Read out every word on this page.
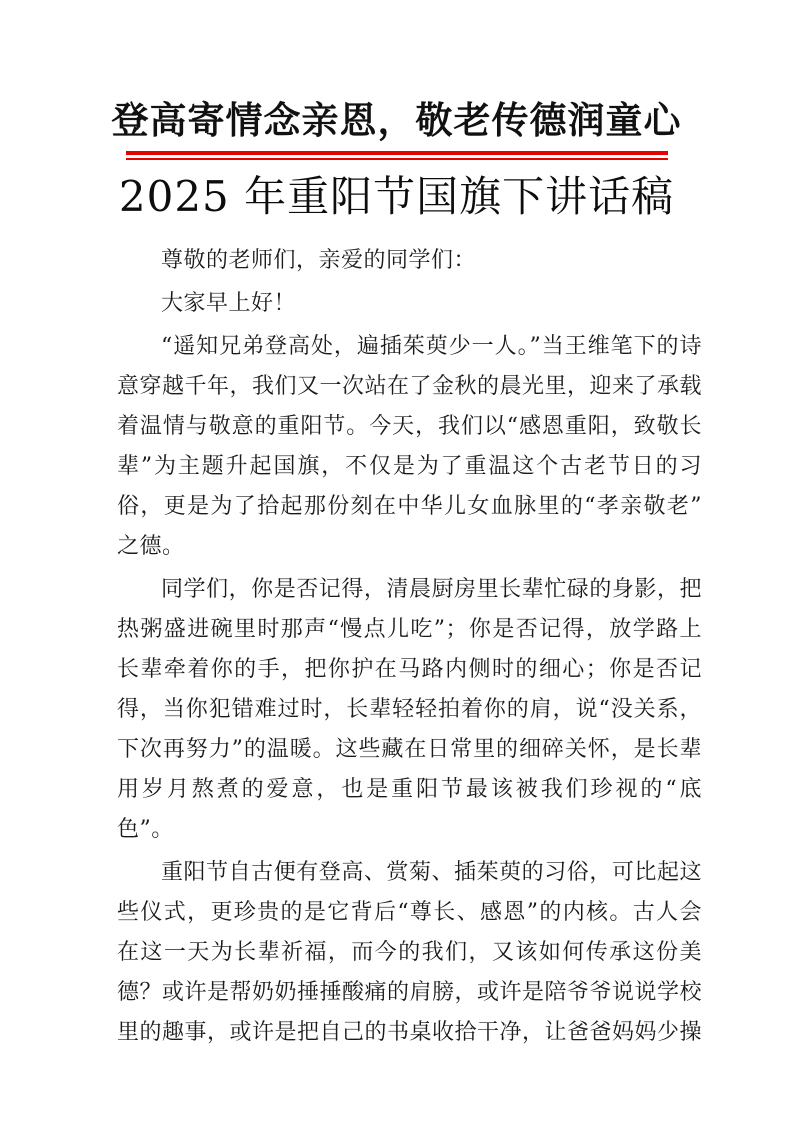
登高寄情念亲恩，敬老传德润童心
2025 年重阳节国旗下讲话稿

尊敬的老师们，亲爱的同学们：

大家早上好！

“遥知兄弟登高处，遍插茱萸少一人。”当王维笔下的诗意穿越千年，我们又一次站在了金秋的晨光里，迎来了承载着温情与敬意的重阳节。今天，我们以“感恩重阳，致敬长辈”为主题升起国旗，不仅是为了重温这个古老节日的习俗，更是为了拾起那份刻在中华儿女血脉里的“孝亲敬老”之德。

同学们，你是否记得，清晨厨房里长辈忙碌的身影，把热粥盛进碗里时那声“慢点儿吃”；你是否记得，放学路上长辈牵着你的手，把你护在马路内侧时的细心；你是否记得，当你犯错难过时，长辈轻轻拍着你的肩，说“没关系，下次再努力”的温暖。这些藏在日常里的细碎关怀，是长辈用岁月熬煮的爱意，也是重阳节最该被我们珍视的“底色”。

重阳节自古便有登高、赏菊、插茱萸的习俗，可比起这些仪式，更珍贵的是它背后“尊长、感恩”的内核。古人会在这一天为长辈祈福，而今的我们，又该如何传承这份美德？或许是帮奶奶捶捶酸痛的肩膀，或许是陪爷爷说说学校里的趣事，或许是把自己的书桌收拾干净，让爸爸妈妈少操
